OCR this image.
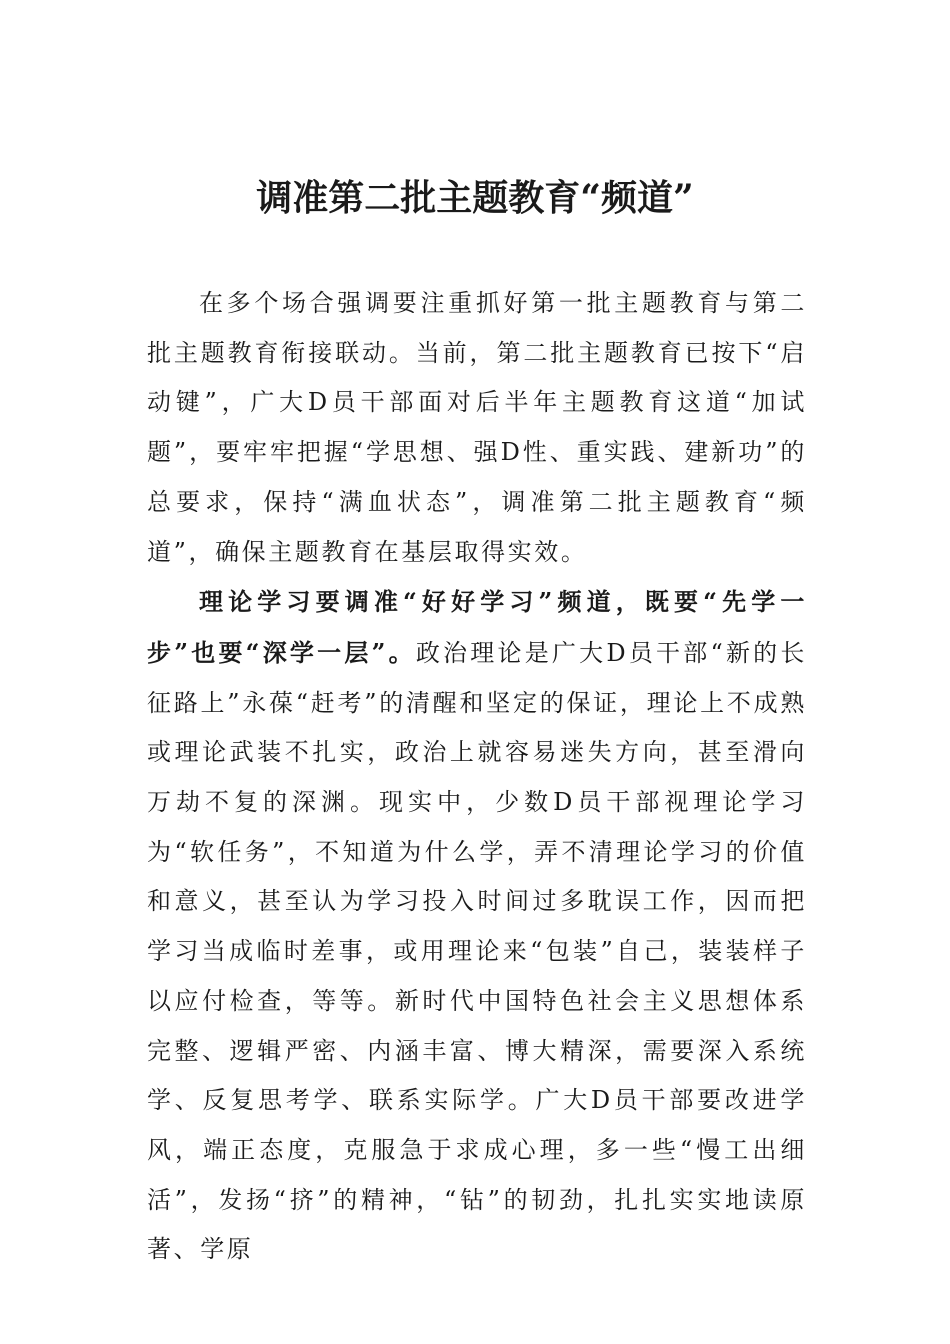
调准第二批主题教育“频道”

在多个场合强调要注重抓好第一批主题教育与第二批主题教育衔接联动。当前，第二批主题教育已按下“启动键”，广大D员干部面对后半年主题教育这道“加试题”，要牢牢把握“学思想、强D性、重实践、建新功”的总要求，保持“满血状态”，调准第二批主题教育“频道”，确保主题教育在基层取得实效。

理论学习要调准“好好学习”频道，既要“先学一步”也要“深学一层”。政治理论是广大D员干部“新的长征路上”永葆“赶考”的清醒和坚定的保证，理论上不成熟或理论武装不扎实，政治上就容易迷失方向，甚至滑向万劫不复的深渊。现实中，少数D员干部视理论学习为“软任务”，不知道为什么学，弄不清理论学习的价值和意义，甚至认为学习投入时间过多耽误工作，因而把学习当成临时差事，或用理论来“包装”自己，装装样子以应付检查，等等。新时代中国特色社会主义思想体系完整、逻辑严密、内涵丰富、博大精深，需要深入系统学、反复思考学、联系实际学。广大D员干部要改进学风，端正态度，克服急于求成心理，多一些“慢工出细活”，发扬“挤”的精神，“钻”的韧劲，扎扎实实地读原著、学原
